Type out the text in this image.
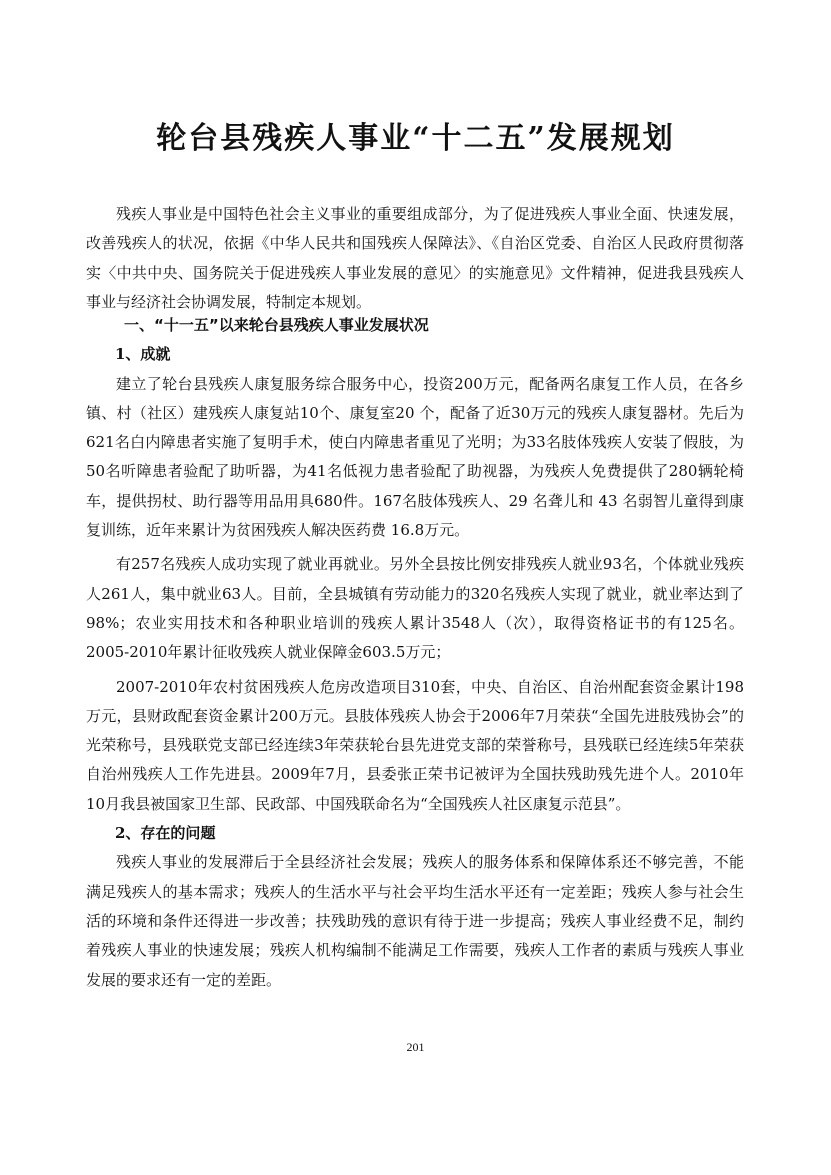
轮台县残疾人事业“十二五”发展规划

残疾人事业是中国特色社会主义事业的重要组成部分，为了促进残疾人事业全面、快速发展，改善残疾人的状况，依据《中华人民共和国残疾人保障法》、《自治区党委、自治区人民政府贯彻落实〈中共中央、国务院关于促进残疾人事业发展的意见〉的实施意见》文件精神，促进我县残疾人事业与经济社会协调发展，特制定本规划。

一、“十一五”以来轮台县残疾人事业发展状况

1、成就

建立了轮台县残疾人康复服务综合服务中心，投资200万元，配备两名康复工作人员，在各乡镇、村（社区）建残疾人康复站10个、康复室20 个，配备了近30万元的残疾人康复器材。先后为621名白内障患者实施了复明手术，使白内障患者重见了光明；为33名肢体残疾人安装了假肢，为50名听障患者验配了助听器，为41名低视力患者验配了助视器，为残疾人免费提供了280辆轮椅车，提供拐杖、助行器等用品用具680件。167名肢体残疾人、29 名聋儿和 43 名弱智儿童得到康复训练，近年来累计为贫困残疾人解决医药费 16.8万元。

有257名残疾人成功实现了就业再就业。另外全县按比例安排残疾人就业93名，个体就业残疾人261人，集中就业63人。目前，全县城镇有劳动能力的320名残疾人实现了就业，就业率达到了98%；农业实用技术和各种职业培训的残疾人累计3548人（次），取得资格证书的有125名。2005-2010年累计征收残疾人就业保障金603.5万元；

2007-2010年农村贫困残疾人危房改造项目310套，中央、自治区、自治州配套资金累计198万元，县财政配套资金累计200万元。县肢体残疾人协会于2006年7月荣获“全国先进肢残协会”的光荣称号，县残联党支部已经连续3年荣获轮台县先进党支部的荣誉称号，县残联已经连续5年荣获自治州残疾人工作先进县。2009年7月，县委张正荣书记被评为全国扶残助残先进个人。2010年10月我县被国家卫生部、民政部、中国残联命名为“全国残疾人社区康复示范县”。

2、存在的问题

残疾人事业的发展滞后于全县经济社会发展；残疾人的服务体系和保障体系还不够完善，不能满足残疾人的基本需求；残疾人的生活水平与社会平均生活水平还有一定差距；残疾人参与社会生活的环境和条件还得进一步改善；扶残助残的意识有待于进一步提高；残疾人事业经费不足，制约着残疾人事业的快速发展；残疾人机构编制不能满足工作需要，残疾人工作者的素质与残疾人事业发展的要求还有一定的差距。

201
